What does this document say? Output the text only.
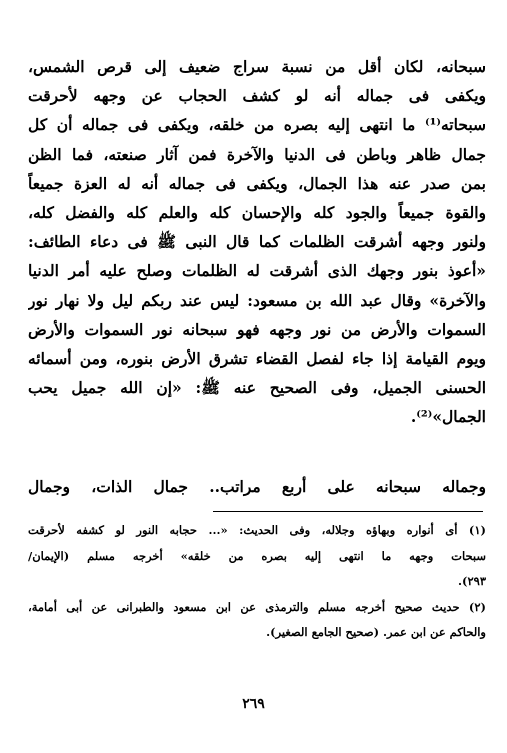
سبحانه، لكان أقل من نسبة سراج ضعيف إلى قرص الشمس،
ويكفى فى جماله أنه لو كشف الحجاب عن وجهه لأحرقت
سبحاته⁽¹⁾ ما انتهى إليه بصره من خلقه، ويكفى فى جماله أن كل
جمال ظاهر وباطن فى الدنيا والآخرة فمن آثار صنعته، فما الظن
بمن صدر عنه هذا الجمال، ويكفى فى جماله أنه له العزة جميعاً
والقوة جميعاً والجود كله والإحسان كله والعلم كله والفضل كله،
ولنور وجهه أشرقت الظلمات كما قال النبى ﷺ فى دعاء الطائف:
«أعوذ بنور وجهك الذى أشرقت له الظلمات وصلح عليه أمر الدنيا
والآخرة» وقال عبد الله بن مسعود: ليس عند ربكم ليل ولا نهار نور
السموات والأرض من نور وجهه فهو سبحانه نور السموات والأرض
ويوم القيامة إذا جاء لفصل القضاء تشرق الأرض بنوره، ومن أسمائه
الحسنى الجميل، وفى الصحيح عنه ﷺ: «إن الله جميل يحب
الجمال»⁽²⁾.
وجماله سبحانه على أربع مراتب.. جمال الذات، وجمال
(١) أى أنواره وبهاؤه وجلاله، وفى الحديث: «... حجابه النور لو كشفه لأحرقت
سبحات وجهه ما انتهى إليه بصره من خلقه» أخرجه مسلم (الإيمان/
٢٩٣).
(٢) حديث صحيح أخرجه مسلم والترمذى عن ابن مسعود والطبرانى عن أبى أمامة،
والحاكم عن ابن عمر. (صحيح الجامع الصغير).
٢٦٩
